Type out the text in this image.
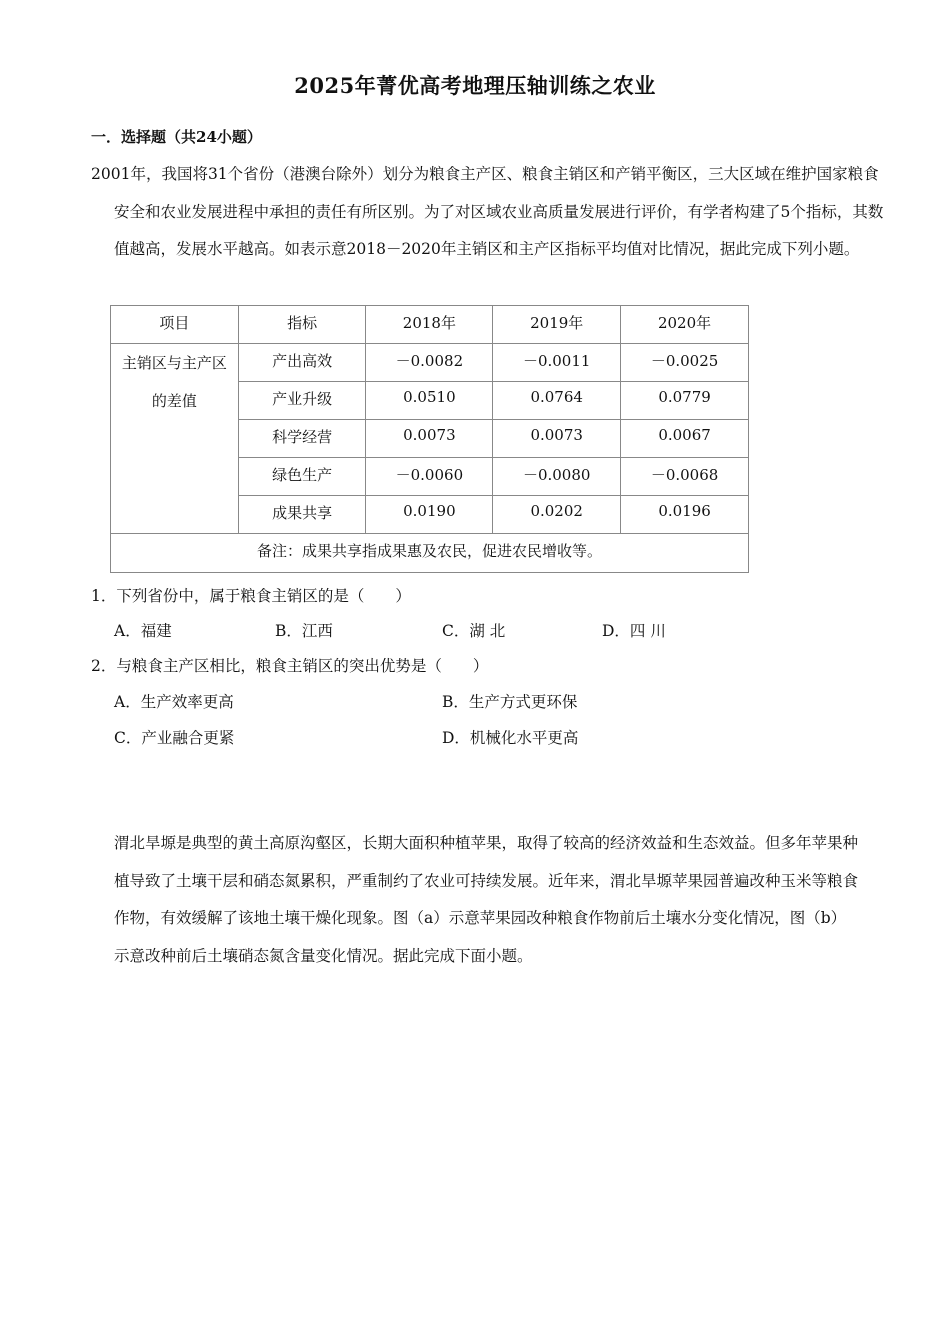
2025年菁优高考地理压轴训练之农业
一．选择题（共24小题）
2001年，我国将31个省份（港澳台除外）划分为粮食主产区、粮食主销区和产销平衡区，三大区域在维护国家粮食安全和农业发展进程中承担的责任有所区别。为了对区域农业高质量发展进行评价，有学者构建了5个指标，其数值越高，发展水平越高。如表示意2018－2020年主销区和主产区指标平均值对比情况，据此完成下列小题。
项目	指标	2018年	2019年	2020年
主销区与主产区的差值	产出高效	－0.0082	－0.0011	－0.0025
	产业升级	0.0510	0.0764	0.0779
	科学经营	0.0073	0.0073	0.0067
	绿色生产	－0.0060	－0.0080	－0.0068
	成果共享	0.0190	0.0202	0.0196
备注：成果共享指成果惠及农民，促进农民增收等。				
1．下列省份中，属于粮食主销区的是（　　）
A．福建	B．江西	C．湖 北	D．四 川
2．与粮食主产区相比，粮食主销区的突出优势是（　　）
A．生产效率更高	B．生产方式更环保
C．产业融合更紧	D．机械化水平更高
渭北旱塬是典型的黄土高原沟壑区，长期大面积种植苹果，取得了较高的经济效益和生态效益。但多年苹果种植导致了土壤干层和硝态氮累积，严重制约了农业可持续发展。近年来，渭北旱塬苹果园普遍改种玉米等粮食作物，有效缓解了该地土壤干燥化现象。图（a）示意苹果园改种粮食作物前后土壤水分变化情况，图（b）示意改种前后土壤硝态氮含量变化情况。据此完成下面小题。
